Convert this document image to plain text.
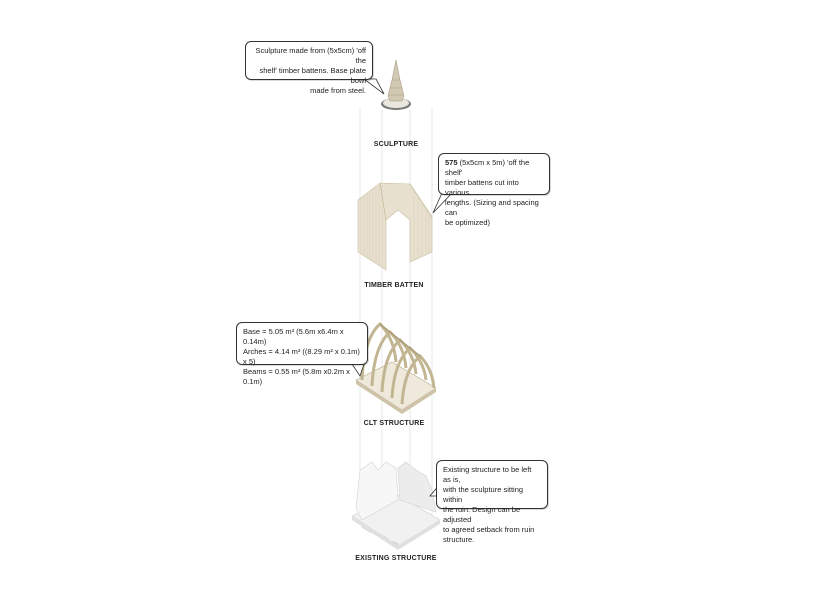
Sculpture made from (5x5cm) 'off the
shelf' timber battens. Base plate bowl
made from steel.
SCULPTURE
575 (5x5cm x 5m) 'off the shelf'
timber battens cut into various
lengths. (Sizing and spacing can
be optimized)
TIMBER BATTEN
Base = 5.05 m³ (5.6m x6.4m x 0.14m)
Arches = 4.14 m³ ((8.29 m² x 0.1m) x 5)
Beams = 0.55 m³ (5.8m x0.2m x 0.1m)
CLT STRUCTURE
Existing structure to be left as is,
with the sculpture sitting within
the ruin. Design can be adjusted
to agreed setback from ruin
structure.
EXISTING STRUCTURE
